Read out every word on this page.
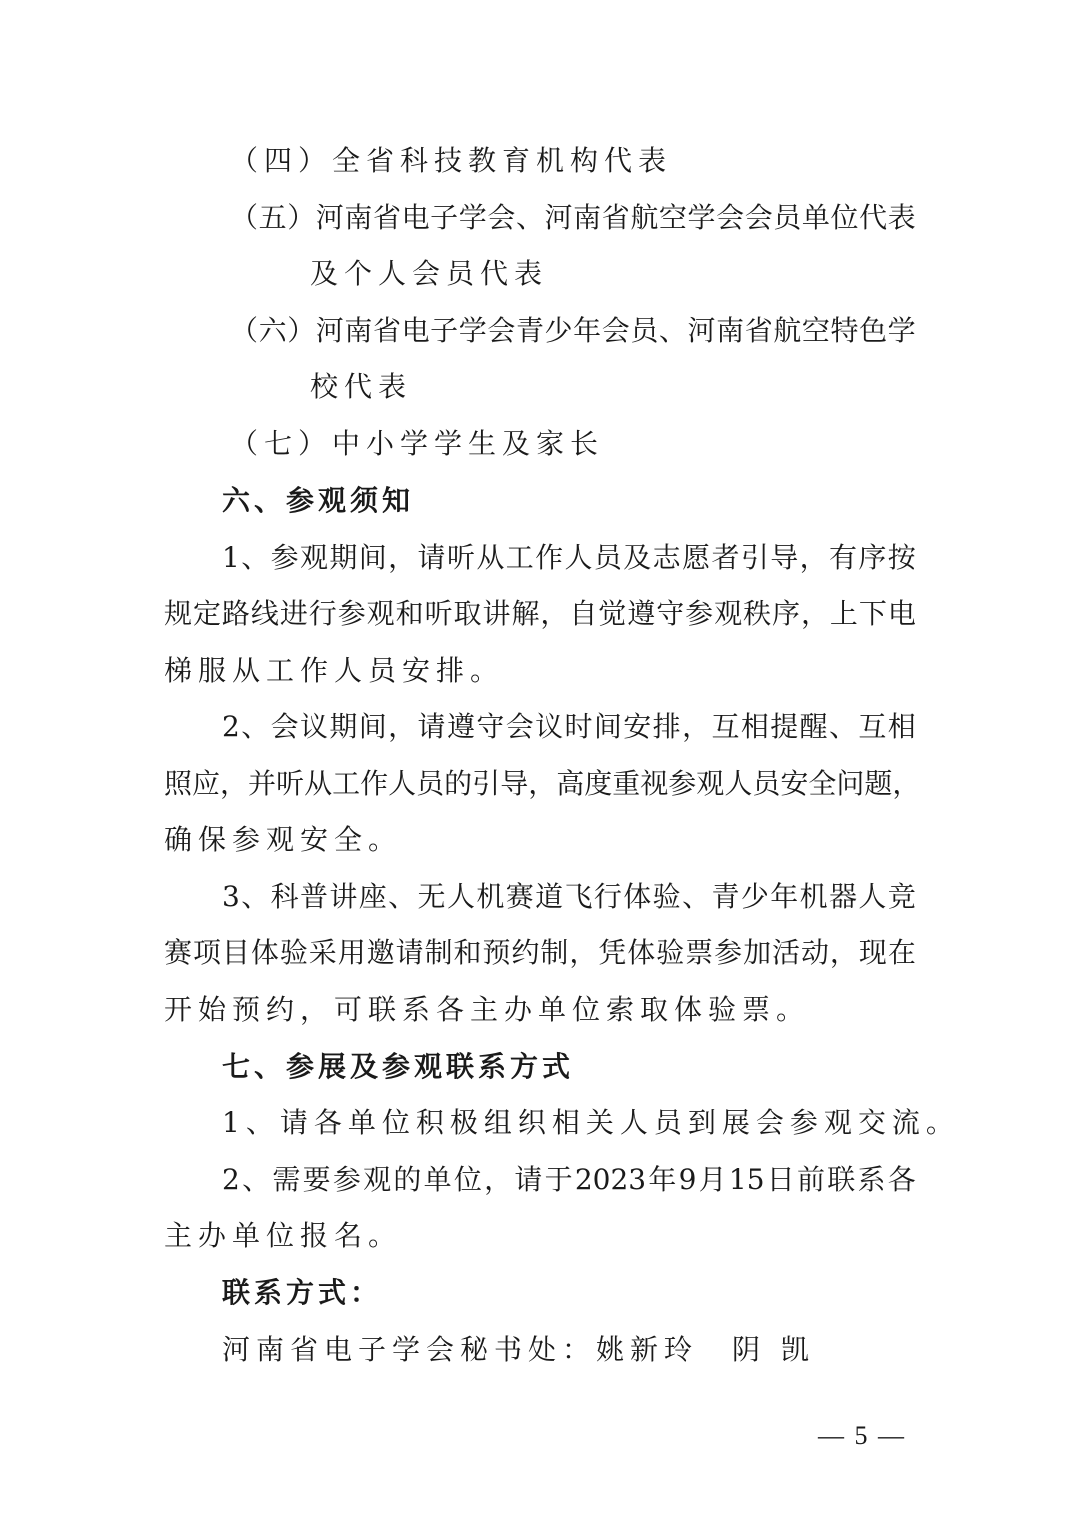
（四）全省科技教育机构代表
（ 五 ） 河 南 省 电 子 学 会 、 河 南 省 航 空 学 会 会 员 单 位 代 表
及个人会员代表
（ 六 ） 河 南 省 电 子 学 会 青 少 年 会 员 、 河 南 省 航 空 特 色 学
校代表
（七）中小学学生及家长
六、参观须知
1 、 参 观 期 间 ， 请 听 从 工 作 人 员 及 志 愿 者 引 导 ， 有 序 按
规 定 路 线 进 行 参 观 和 听 取 讲 解 ， 自 觉 遵 守 参 观 秩 序 ， 上 下 电
梯服从工作人员安排。
2 、 会 议 期 间 ， 请 遵 守 会 议 时 间 安 排 ， 互 相 提 醒 、 互 相
照 应 ， 并 听 从 工 作 人 员 的 引 导 ， 高 度 重 视 参 观 人 员 安 全 问 题 ，
确保参观安全。
3 、 科 普 讲 座 、 无 人 机 赛 道 飞 行 体 验 、 青 少 年 机 器 人 竞
赛 项 目 体 验 采 用 邀 请 制 和 预 约 制 ， 凭 体 验 票 参 加 活 动 ， 现 在
开始预约，可联系各主办单位索取体验票。
七、参展及参观联系方式
1、请各单位积极组织相关人员到展会参观交流。
2 、 需 要 参 观 的 单 位 ， 请 于 2023 年 9 月 15 日 前 联 系 各
主办单位报名。
联系方式：
河南省电子学会秘书处：姚新玲　阴 凯
— 5 —
